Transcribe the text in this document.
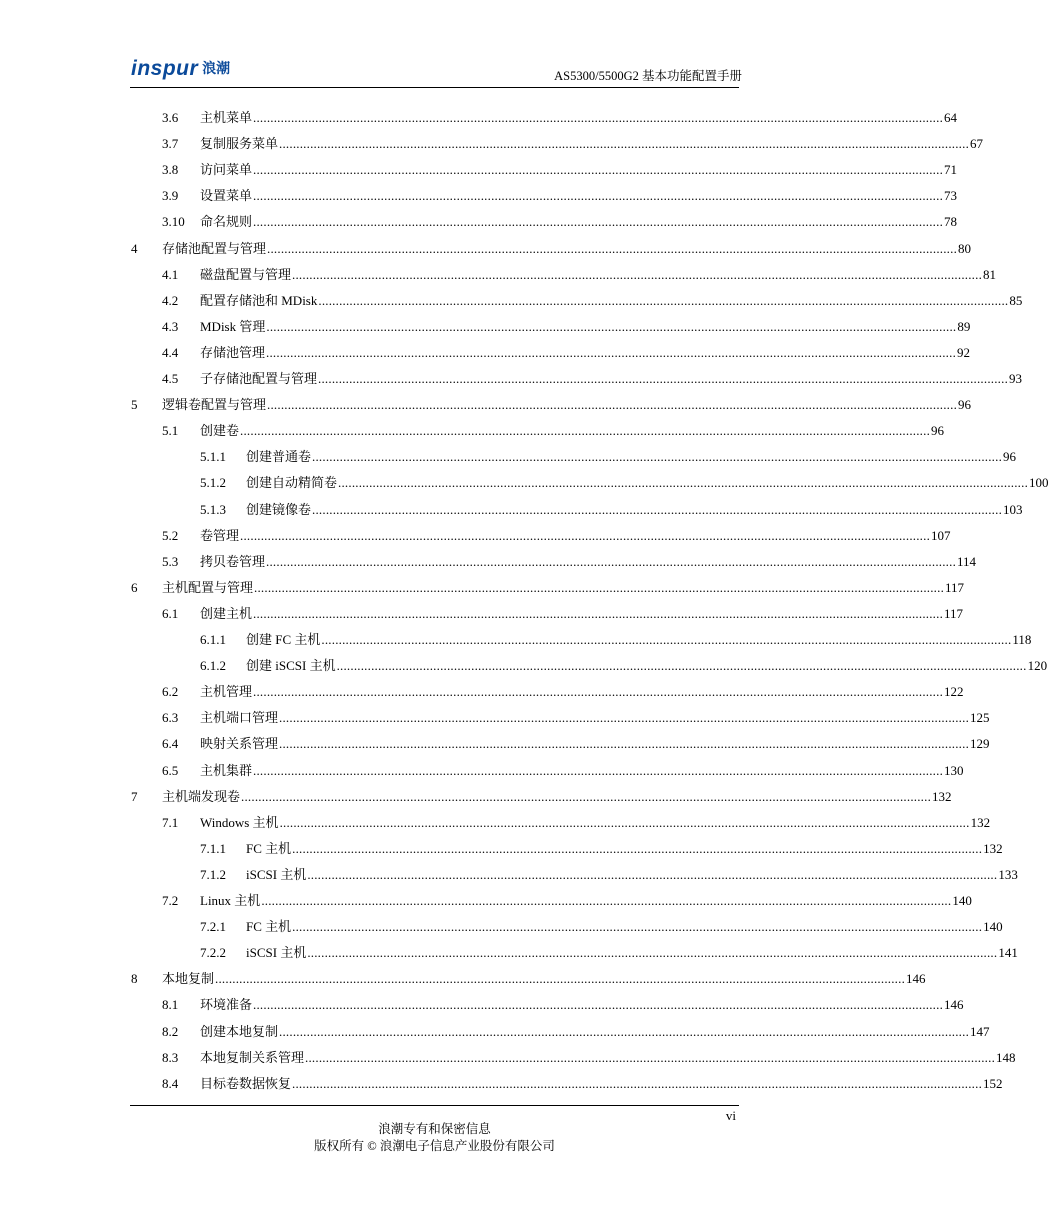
inspur 浪潮	AS5300/5500G2 基本功能配置手册
3.6 主机菜单 ........................................................................................................................................................................................................ 64
3.7 复制服务菜单 ........................................................................................................................................................................................................ 67
3.8 访问菜单 ........................................................................................................................................................................................................ 71
3.9 设置菜单 ........................................................................................................................................................................................................ 73
3.10 命名规则 ........................................................................................................................................................................................................ 78
4 存储池配置与管理 ........................................................................................................................................................................................................ 80
4.1 磁盘配置与管理 ........................................................................................................................................................................................................ 81
4.2 配置存储池和 MDisk ........................................................................................................................................................................................................ 85
4.3 MDisk 管理 ........................................................................................................................................................................................................ 89
4.4 存储池管理 ........................................................................................................................................................................................................ 92
4.5 子存储池配置与管理 ........................................................................................................................................................................................................ 93
5 逻辑卷配置与管理 ........................................................................................................................................................................................................ 96
5.1 创建卷 ........................................................................................................................................................................................................ 96
5.1.1 创建普通卷 ........................................................................................................................................................................................................ 96
5.1.2 创建自动精简卷 ........................................................................................................................................................................................................ 100
5.1.3 创建镜像卷 ........................................................................................................................................................................................................ 103
5.2 卷管理 ........................................................................................................................................................................................................ 107
5.3 拷贝卷管理 ........................................................................................................................................................................................................ 114
6 主机配置与管理 ........................................................................................................................................................................................................ 117
6.1 创建主机 ........................................................................................................................................................................................................ 117
6.1.1 创建 FC 主机 ........................................................................................................................................................................................................ 118
6.1.2 创建 iSCSI 主机 ........................................................................................................................................................................................................ 120
6.2 主机管理 ........................................................................................................................................................................................................ 122
6.3 主机端口管理 ........................................................................................................................................................................................................ 125
6.4 映射关系管理 ........................................................................................................................................................................................................ 129
6.5 主机集群 ........................................................................................................................................................................................................ 130
7 主机端发现卷 ........................................................................................................................................................................................................ 132
7.1 Windows 主机 ........................................................................................................................................................................................................ 132
7.1.1 FC 主机 ........................................................................................................................................................................................................ 132
7.1.2 iSCSI 主机 ........................................................................................................................................................................................................ 133
7.2 Linux 主机 ........................................................................................................................................................................................................ 140
7.2.1 FC 主机 ........................................................................................................................................................................................................ 140
7.2.2 iSCSI 主机 ........................................................................................................................................................................................................ 141
8 本地复制 ........................................................................................................................................................................................................ 146
8.1 环境准备 ........................................................................................................................................................................................................ 146
8.2 创建本地复制 ........................................................................................................................................................................................................ 147
8.3 本地复制关系管理 ........................................................................................................................................................................................................ 148
8.4 目标卷数据恢复 ........................................................................................................................................................................................................ 152
vi
浪潮专有和保密信息
版权所有 © 浪潮电子信息产业股份有限公司
